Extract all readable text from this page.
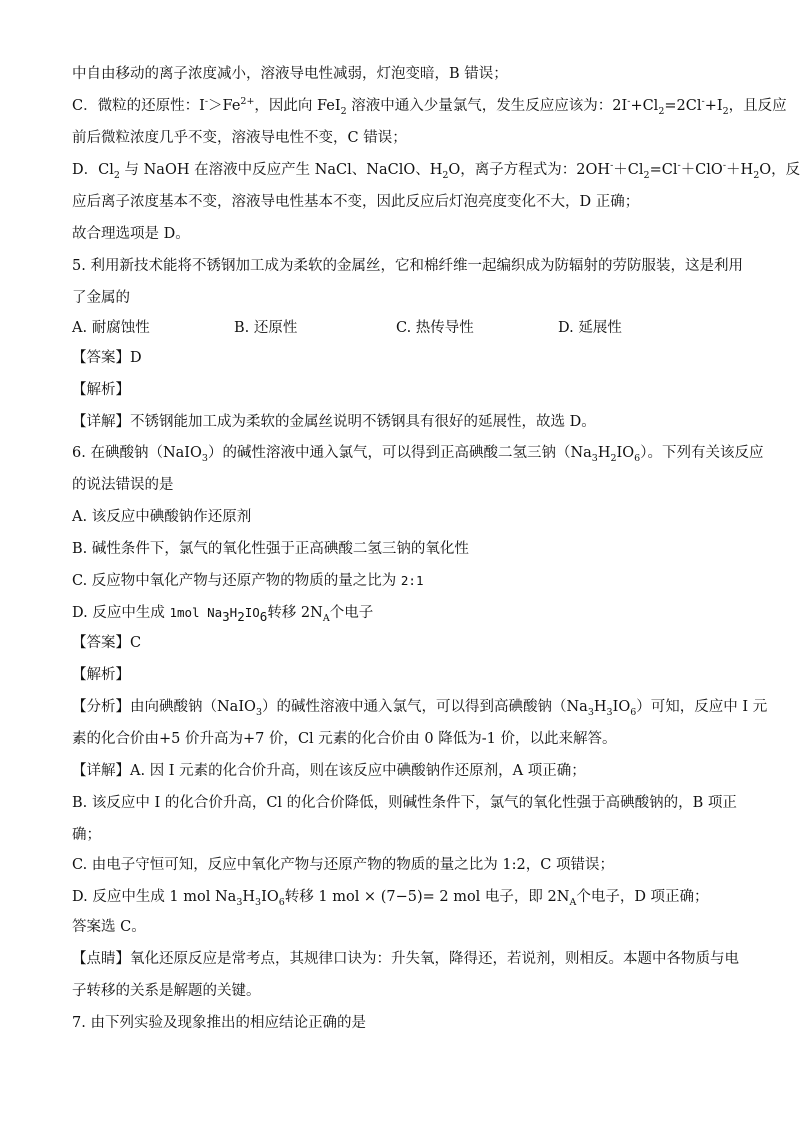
中自由移动的离子浓度减小，溶液导电性减弱，灯泡变暗，B 错误；
C．微粒的还原性：$I^->Fe^{2+}$，因此向 FeI$_2$ 溶液中通入少量氯气，发生反应应该为：$2I^-+Cl_2=2Cl^-+I_2$，且反应
前后微粒浓度几乎不变，溶液导电性不变，C 错误；
D．$Cl_2$ 与 NaOH 在溶液中反应产生 NaCl、NaClO、$H_2O$，离子方程式为：$2OH^-+Cl_2=Cl^-+ClO^-+H_2O$，反
应后离子浓度基本不变，溶液导电性基本不变，因此反应后灯泡亮度变化不大，D 正确；
故合理选项是 D。
5. 利用新技术能将不锈钢加工成为柔软的金属丝，它和棉纤维一起编织成为防辐射的劳防服装，这是利用
了金属的
A. 耐腐蚀性	B. 还原性	C. 热传导性	D. 延展性
【答案】D
【解析】
【详解】不锈钢能加工成为柔软的金属丝说明不锈钢具有很好的延展性，故选 D。
6. 在碘酸钠（NaIO$_3$）的碱性溶液中通入氯气，可以得到正高碘酸二氢三钠$(Na_3H_2IO_6)$。下列有关该反应
的说法错误的是
A. 该反应中碘酸钠作还原剂
B. 碱性条件下，氯气的氧化性强于正高碘酸二氢三钠的氧化性
C. 反应物中氧化产物与还原产物的物质的量之比为 2:1
D. 反应中生成 1mol $Na_3H_2IO_6$转移 $2N_A$个电子
【答案】C
【解析】
【分析】由向碘酸钠（NaIO$_3$）的碱性溶液中通入氯气，可以得到高碘酸钠$(Na_3H_3IO_6)$可知，反应中 I 元
素的化合价由+5 价升高为+7 价，Cl 元素的化合价由 0 降低为-1 价，以此来解答。
【详解】A. 因 I 元素的化合价升高，则在该反应中碘酸钠作还原剂，A 项正确；
B. 该反应中 I 的化合价升高，Cl 的化合价降低，则碱性条件下，氯气的氧化性强于高碘酸钠的，B 项正
确；
C. 由电子守恒可知，反应中氧化产物与还原产物的物质的量之比为 1:2，C 项错误；
D. 反应中生成 1 mol $Na_3H_3IO_6$转移 1 mol × (7−5)= 2 mol 电子，即 $2N_A$个电子，D 项正确；
答案选 C。
【点睛】氧化还原反应是常考点，其规律口诀为：升失氧，降得还，若说剂，则相反。本题中各物质与电
子转移的关系是解题的关键。
7. 由下列实验及现象推出的相应结论正确的是
